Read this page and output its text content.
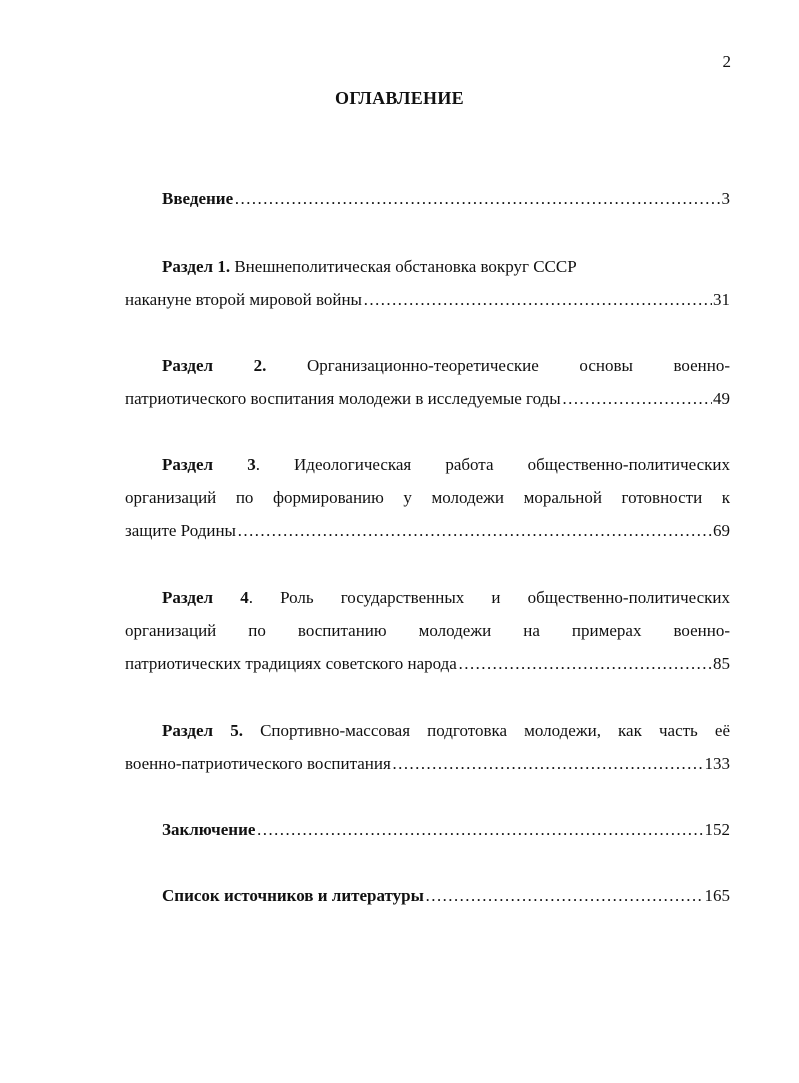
2
ОГЛАВЛЕНИЕ
Введение ……………………………………………………………………………………………………………………………………	3
Раздел 1.
Внешнеполитическая обстановка вокруг СССР
накануне второй мировой войны ……………………………………………………………………………………………………………………………………	31
Раздел 2. Организационно-теоретические основы военно-
патриотического воспитания молодежи в исследуемые годы ……………………………………………………………………………………………………………………………………	49
Раздел 3. Идеологическая работа общественно-политических
организаций по формированию у молодежи моральной готовности к
защите Родины ……………………………………………………………………………………………………………………………………	69
Раздел 4. Роль государственных и общественно-политических
организаций по воспитанию молодежи на примерах военно-
патриотических традициях советского народа ……………………………………………………………………………………………………………………………………	85
Раздел 5. Спортивно-массовая подготовка молодежи, как часть её
военно-патриотического воспитания ……………………………………………………………………………………………………………………………………	133
Заключение ……………………………………………………………………………………………………………………………………	152
Список источников и литературы ……………………………………………………………………………………………………………………………………	165
